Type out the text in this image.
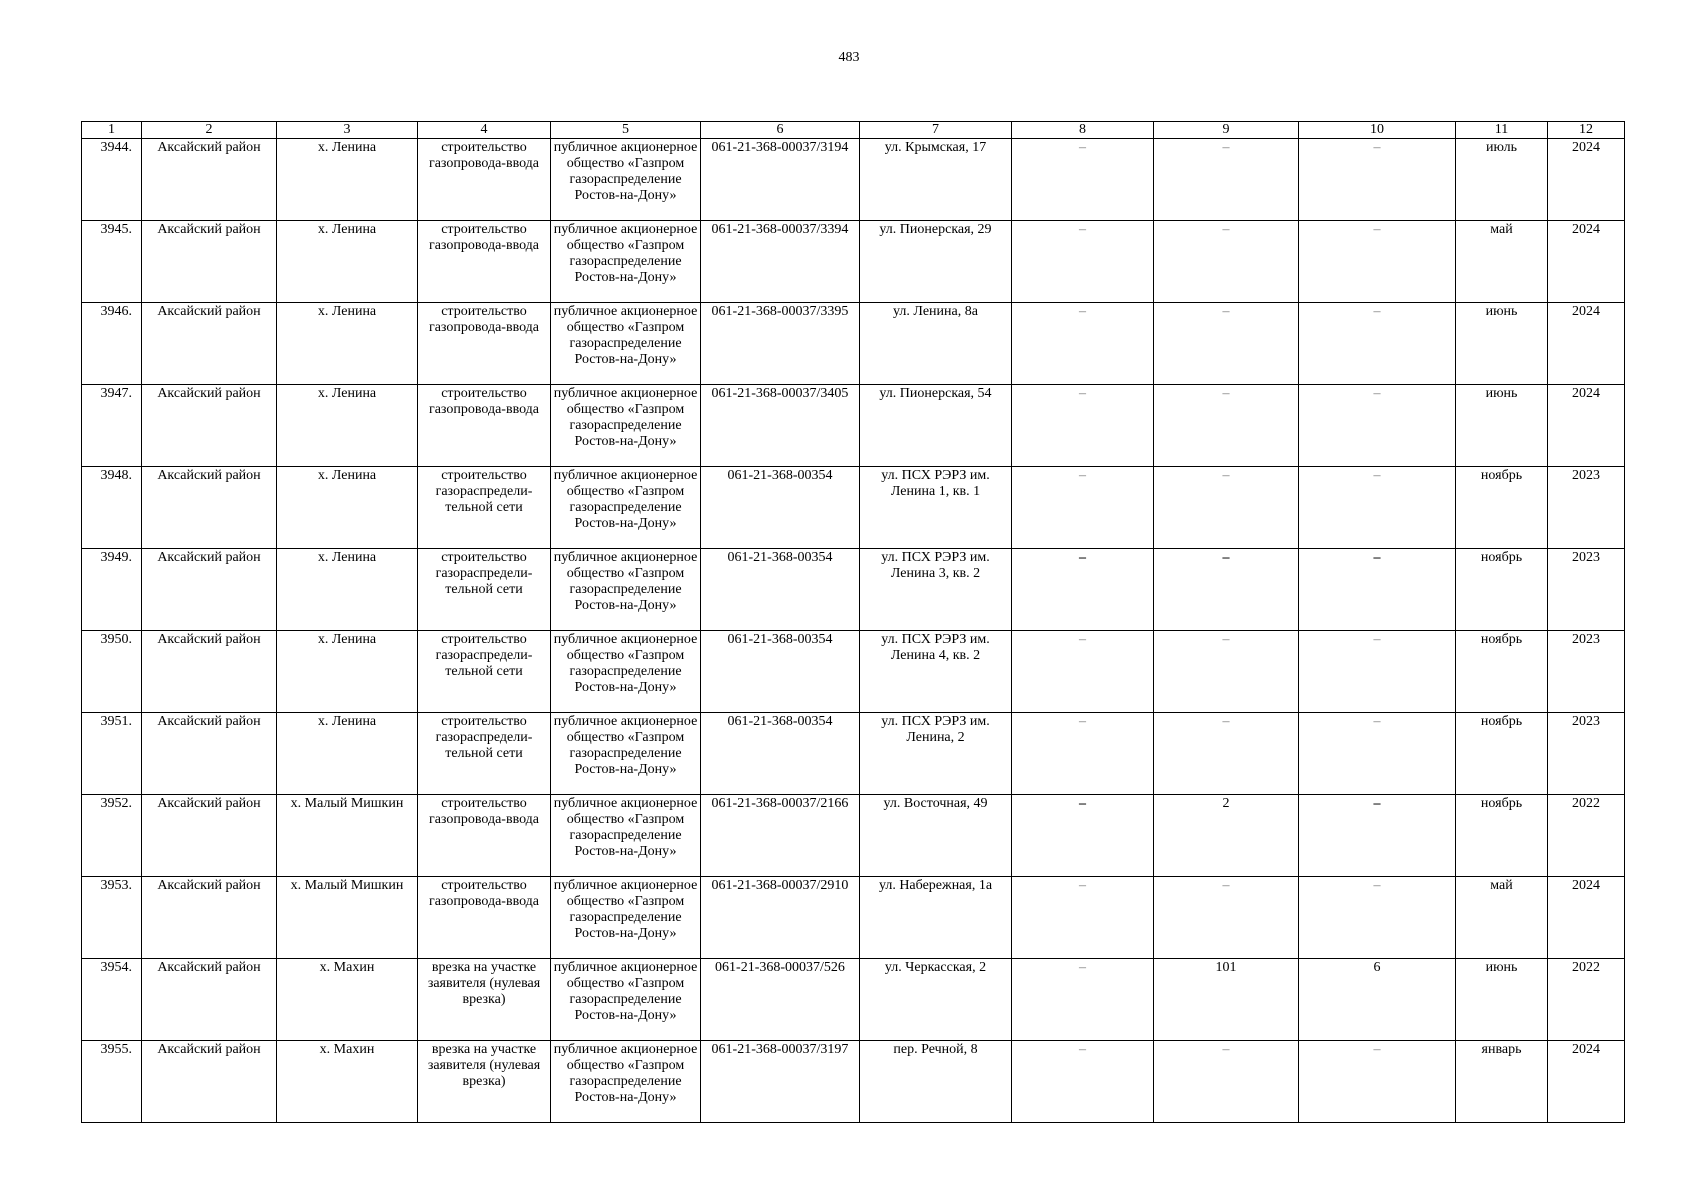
483
1	2	3	4	5	6	7	8	9	10	11	12
3944.	Аксайский район	х. Ленина	строительство газопровода-ввода	публичное акционерное общество «Газпром газораспределение Ростов-на-Дону»	061-21-368-00037/3194	ул. Крымская, 17	–	–	–	июль	2024
3945.	Аксайский район	х. Ленина	строительство газопровода-ввода	публичное акционерное общество «Газпром газораспределение Ростов-на-Дону»	061-21-368-00037/3394	ул. Пионерская, 29	–	–	–	май	2024
3946.	Аксайский район	х. Ленина	строительство газопровода-ввода	публичное акционерное общество «Газпром газораспределение Ростов-на-Дону»	061-21-368-00037/3395	ул. Ленина, 8а	–	–	–	июнь	2024
3947.	Аксайский район	х. Ленина	строительство газопровода-ввода	публичное акционерное общество «Газпром газораспределение Ростов-на-Дону»	061-21-368-00037/3405	ул. Пионерская, 54	–	–	–	июнь	2024
3948.	Аксайский район	х. Ленина	строительство газораспредели-тельной сети	публичное акционерное общество «Газпром газораспределение Ростов-на-Дону»	061-21-368-00354	ул. ПСХ РЭРЗ им. Ленина 1, кв. 1	–	–	–	ноябрь	2023
3949.	Аксайский район	х. Ленина	строительство газораспредели-тельной сети	публичное акционерное общество «Газпром газораспределение Ростов-на-Дону»	061-21-368-00354	ул. ПСХ РЭРЗ им. Ленина 3, кв. 2	–	–	–	ноябрь	2023
3950.	Аксайский район	х. Ленина	строительство газораспредели-тельной сети	публичное акционерное общество «Газпром газораспределение Ростов-на-Дону»	061-21-368-00354	ул. ПСХ РЭРЗ им. Ленина 4, кв. 2	–	–	–	ноябрь	2023
3951.	Аксайский район	х. Ленина	строительство газораспредели-тельной сети	публичное акционерное общество «Газпром газораспределение Ростов-на-Дону»	061-21-368-00354	ул. ПСХ РЭРЗ им. Ленина, 2	–	–	–	ноябрь	2023
3952.	Аксайский район	х. Малый Мишкин	строительство газопровода-ввода	публичное акционерное общество «Газпром газораспределение Ростов-на-Дону»	061-21-368-00037/2166	ул. Восточная, 49	–	2	–	ноябрь	2022
3953.	Аксайский район	х. Малый Мишкин	строительство газопровода-ввода	публичное акционерное общество «Газпром газораспределение Ростов-на-Дону»	061-21-368-00037/2910	ул. Набережная, 1а	–	–	–	май	2024
3954.	Аксайский район	х. Махин	врезка на участке заявителя (нулевая врезка)	публичное акционерное общество «Газпром газораспределение Ростов-на-Дону»	061-21-368-00037/526	ул. Черкасская, 2	–	101	6	июнь	2022
3955.	Аксайский район	х. Махин	врезка на участке заявителя (нулевая врезка)	публичное акционерное общество «Газпром газораспределение Ростов-на-Дону»	061-21-368-00037/3197	пер. Речной, 8	–	–	–	январь	2024
